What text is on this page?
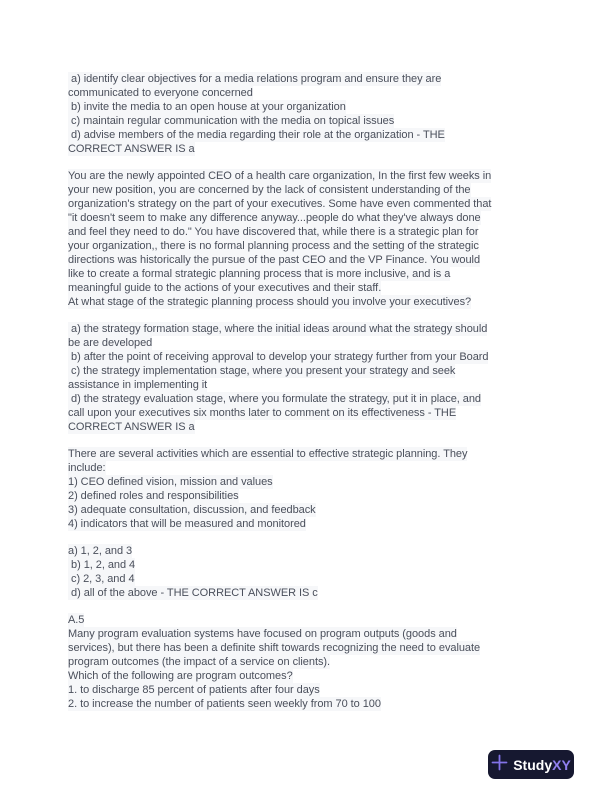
a) identify clear objectives for a media relations program and ensure they are
communicated to everyone concerned
b) invite the media to an open house at your organization
c) maintain regular communication with the media on topical issues
d) advise members of the media regarding their role at the organization - THE
CORRECT ANSWER IS a
You are the newly appointed CEO of a health care organization, In the first few weeks in
your new position, you are concerned by the lack of consistent understanding of the
organization's strategy on the part of your executives. Some have even commented that
"it doesn't seem to make any difference anyway...people do what they've always done
and feel they need to do." You have discovered that, while there is a strategic plan for
your organization,, there is no formal planning process and the setting of the strategic
directions was historically the pursue of the past CEO and the VP Finance. You would
like to create a formal strategic planning process that is more inclusive, and is a
meaningful guide to the actions of your executives and their staff.
At what stage of the strategic planning process should you involve your executives?
a) the strategy formation stage, where the initial ideas around what the strategy should
be are developed
b) after the point of receiving approval to develop your strategy further from your Board
c) the strategy implementation stage, where you present your strategy and seek
assistance in implementing it
d) the strategy evaluation stage, where you formulate the strategy, put it in place, and
call upon your executives six months later to comment on its effectiveness - THE
CORRECT ANSWER IS a
There are several activities which are essential to effective strategic planning. They
include:
1) CEO defined vision, mission and values
2) defined roles and responsibilities
3) adequate consultation, discussion, and feedback
4) indicators that will be measured and monitored
a) 1, 2, and 3
b) 1, 2, and 4
c) 2, 3, and 4
d) all of the above - THE CORRECT ANSWER IS c
A.5
Many program evaluation systems have focused on program outputs (goods and
services), but there has been a definite shift towards recognizing the need to evaluate
program outcomes (the impact of a service on clients).
Which of the following are program outcomes?
1. to discharge 85 percent of patients after four days
2. to increase the number of patients seen weekly from 70 to 100
StudyXY
